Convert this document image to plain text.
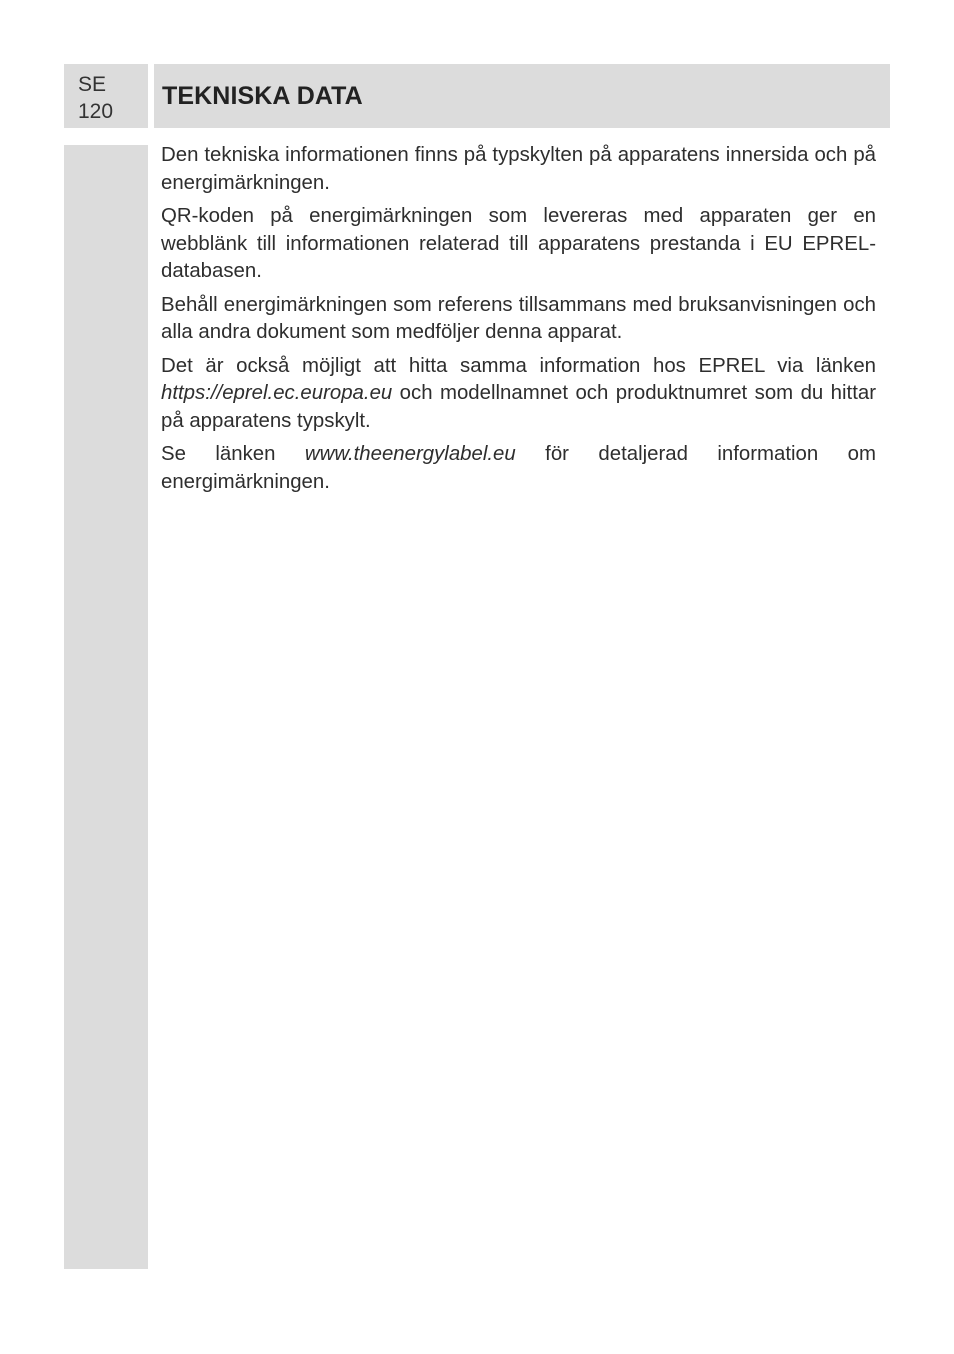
SE
120
TEKNISKA DATA

Den tekniska informationen finns på typskylten på apparatens innersida och på energimärkningen.

QR-koden på energimärkningen som levereras med apparaten ger en webblänk till informationen relaterad till apparatens prestanda i EU EPREL-databasen.

Behåll energimärkningen som referens tillsammans med bruksanvisningen och alla andra dokument som medföljer denna apparat.

Det är också möjligt att hitta samma information hos EPREL via länken https://eprel.ec.europa.eu och modellnamnet och produktnumret som du hittar på apparatens typskylt.

Se länken www.theenergylabel.eu för detaljerad information om energimärkningen.
